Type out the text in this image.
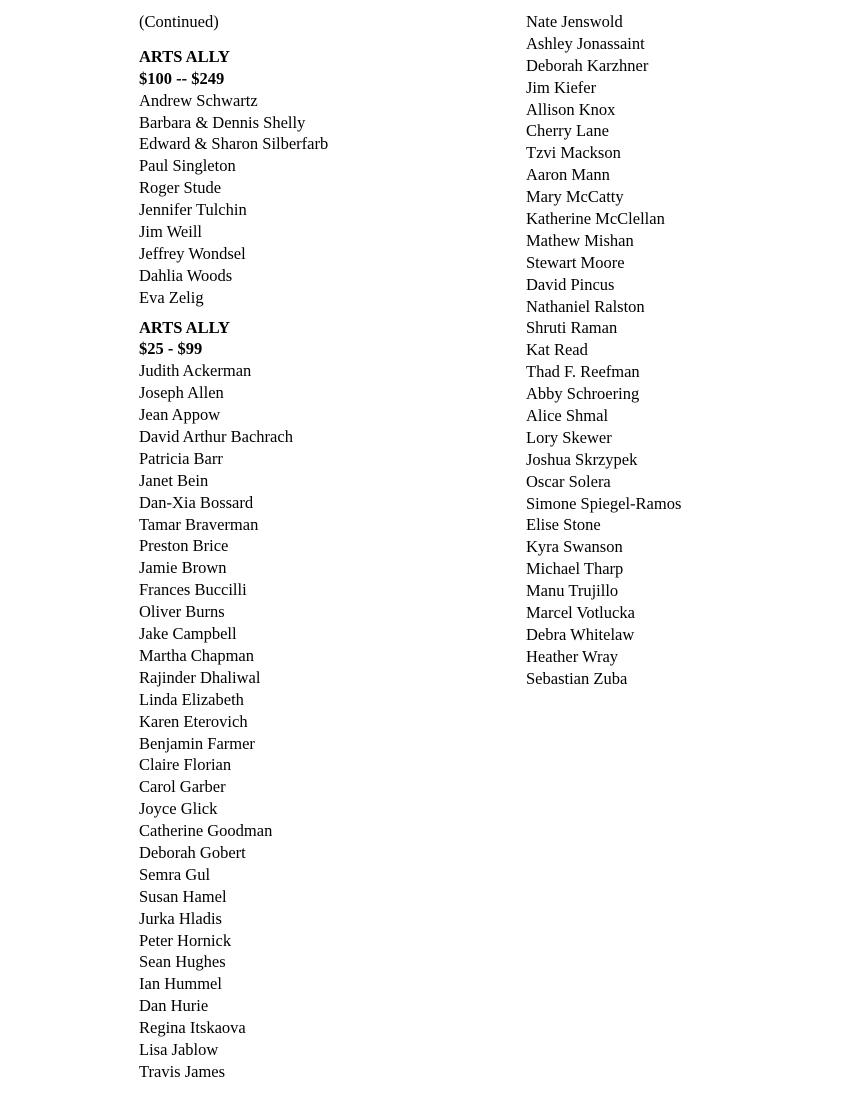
(Continued)
ARTS ALLY
$100 -- $249
Andrew Schwartz
Barbara & Dennis Shelly
Edward & Sharon Silberfarb
Paul Singleton
Roger Stude
Jennifer Tulchin
Jim Weill
Jeffrey Wondsel
Dahlia Woods
Eva Zelig
ARTS ALLY
$25 - $99
Judith Ackerman
Joseph Allen
Jean Appow
David Arthur Bachrach
Patricia Barr
Janet Bein
Dan-Xia Bossard
Tamar Braverman
Preston Brice
Jamie Brown
Frances Buccilli
Oliver Burns
Jake Campbell
Martha Chapman
Rajinder Dhaliwal
Linda Elizabeth
Karen Eterovich
Benjamin Farmer
Claire Florian
Carol Garber
Joyce Glick
Catherine Goodman
Deborah Gobert
Semra Gul
Susan Hamel
Jurka Hladis
Peter Hornick
Sean Hughes
Ian Hummel
Dan Hurie
Regina Itskaova
Lisa Jablow
Travis James
Nate Jenswold
Ashley Jonassaint
Deborah Karzhner
Jim Kiefer
Allison Knox
Cherry Lane
Tzvi Mackson
Aaron Mann
Mary McCatty
Katherine McClellan
Mathew Mishan
Stewart Moore
David Pincus
Nathaniel Ralston
Shruti Raman
Kat Read
Thad F. Reefman
Abby Schroering
Alice Shmal
Lory Skewer
Joshua Skrzypek
Oscar Solera
Simone Spiegel-Ramos
Elise Stone
Kyra Swanson
Michael Tharp
Manu Trujillo
Marcel Votlucka
Debra Whitelaw
Heather Wray
Sebastian Zuba
